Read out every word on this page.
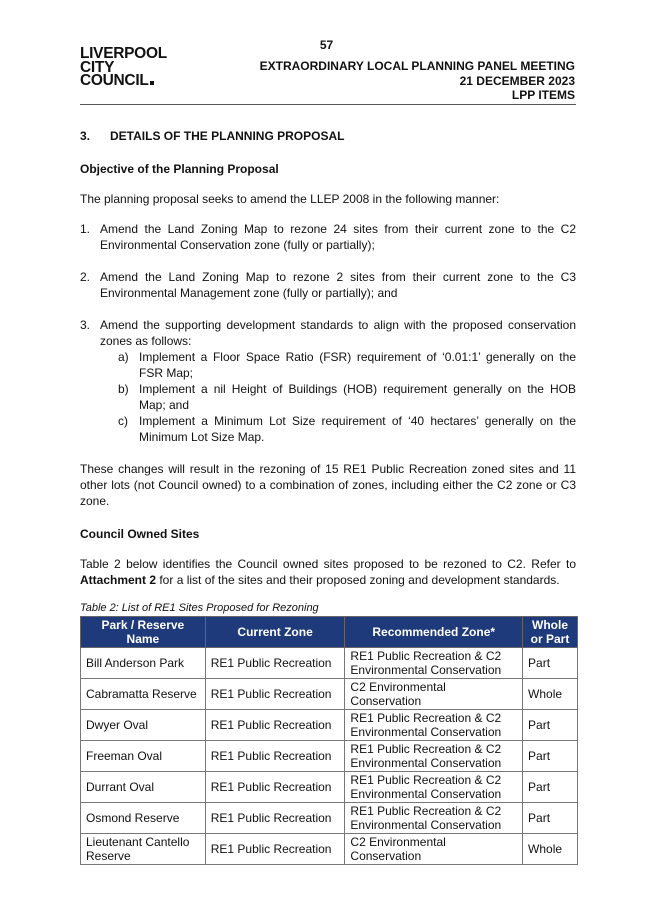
57
LIVERPOOL
CITY
COUNCIL
EXTRAORDINARY LOCAL PLANNING PANEL MEETING
21 DECEMBER 2023
LPP ITEMS
3.	DETAILS OF THE PLANNING PROPOSAL
Objective of the Planning Proposal

The planning proposal seeks to amend the LLEP 2008 in the following manner:

1. Amend the Land Zoning Map to rezone 24 sites from their current zone to the C2 Environmental Conservation zone (fully or partially);
2. Amend the Land Zoning Map to rezone 2 sites from their current zone to the C3 Environmental Management zone (fully or partially); and
3. Amend the supporting development standards to align with the proposed conservation zones as follows:
a) Implement a Floor Space Ratio (FSR) requirement of ‘0.01:1’ generally on the FSR Map;
b) Implement a nil Height of Buildings (HOB) requirement generally on the HOB Map; and
c) Implement a Minimum Lot Size requirement of ‘40 hectares’ generally on the Minimum Lot Size Map.

These changes will result in the rezoning of 15 RE1 Public Recreation zoned sites and 11 other lots (not Council owned) to a combination of zones, including either the C2 zone or C3 zone.

Council Owned Sites

Table 2 below identifies the Council owned sites proposed to be rezoned to C2. Refer to Attachment 2 for a list of the sites and their proposed zoning and development standards.

Table 2: List of RE1 Sites Proposed for Rezoning
Park / Reserve Name	Current Zone	Recommended Zone*	Whole or Part
Bill Anderson Park	RE1 Public Recreation	RE1 Public Recreation & C2 Environmental Conservation	Part
Cabramatta Reserve	RE1 Public Recreation	C2 Environmental Conservation	Whole
Dwyer Oval	RE1 Public Recreation	RE1 Public Recreation & C2 Environmental Conservation	Part
Freeman Oval	RE1 Public Recreation	RE1 Public Recreation & C2 Environmental Conservation	Part
Durrant Oval	RE1 Public Recreation	RE1 Public Recreation & C2 Environmental Conservation	Part
Osmond Reserve	RE1 Public Recreation	RE1 Public Recreation & C2 Environmental Conservation	Part
Lieutenant Cantello Reserve	RE1 Public Recreation	C2 Environmental Conservation	Whole
